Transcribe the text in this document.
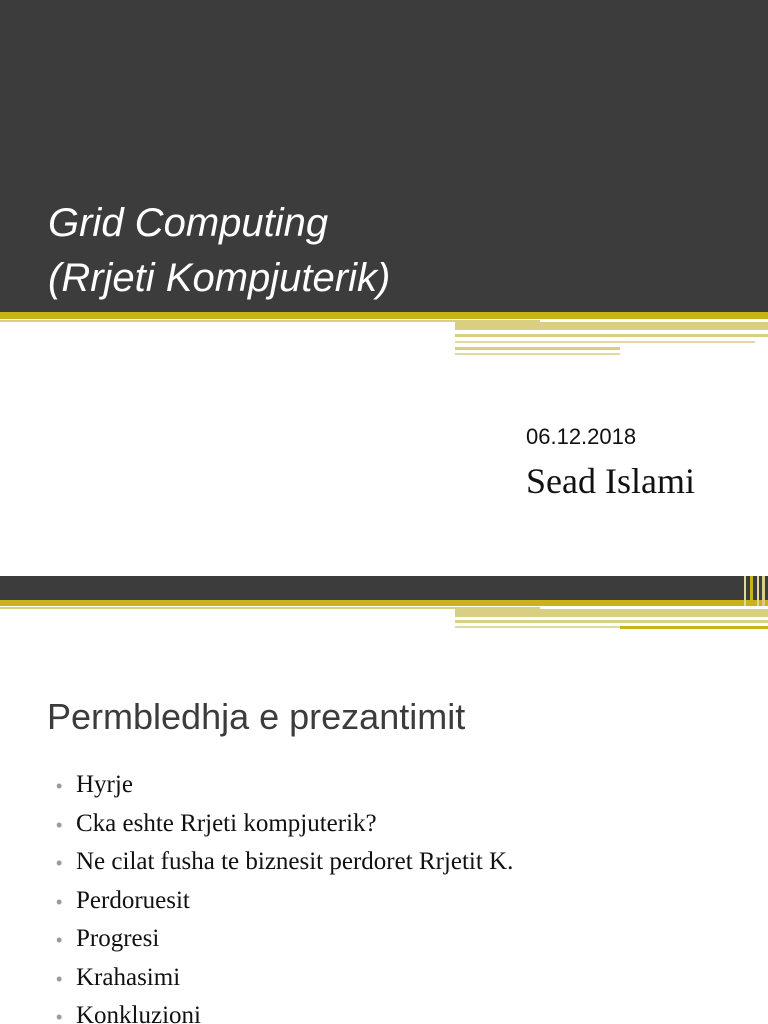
Grid Computing
(Rrjeti Kompjuterik)
06.12.2018
Sead Islami
Permbledhja e prezantimit
• Hyrje
• Cka eshte Rrjeti kompjuterik?
• Ne cilat fusha te biznesit perdoret Rrjetit K.
• Perdoruesit
• Progresi
• Krahasimi
• Konkluzioni
